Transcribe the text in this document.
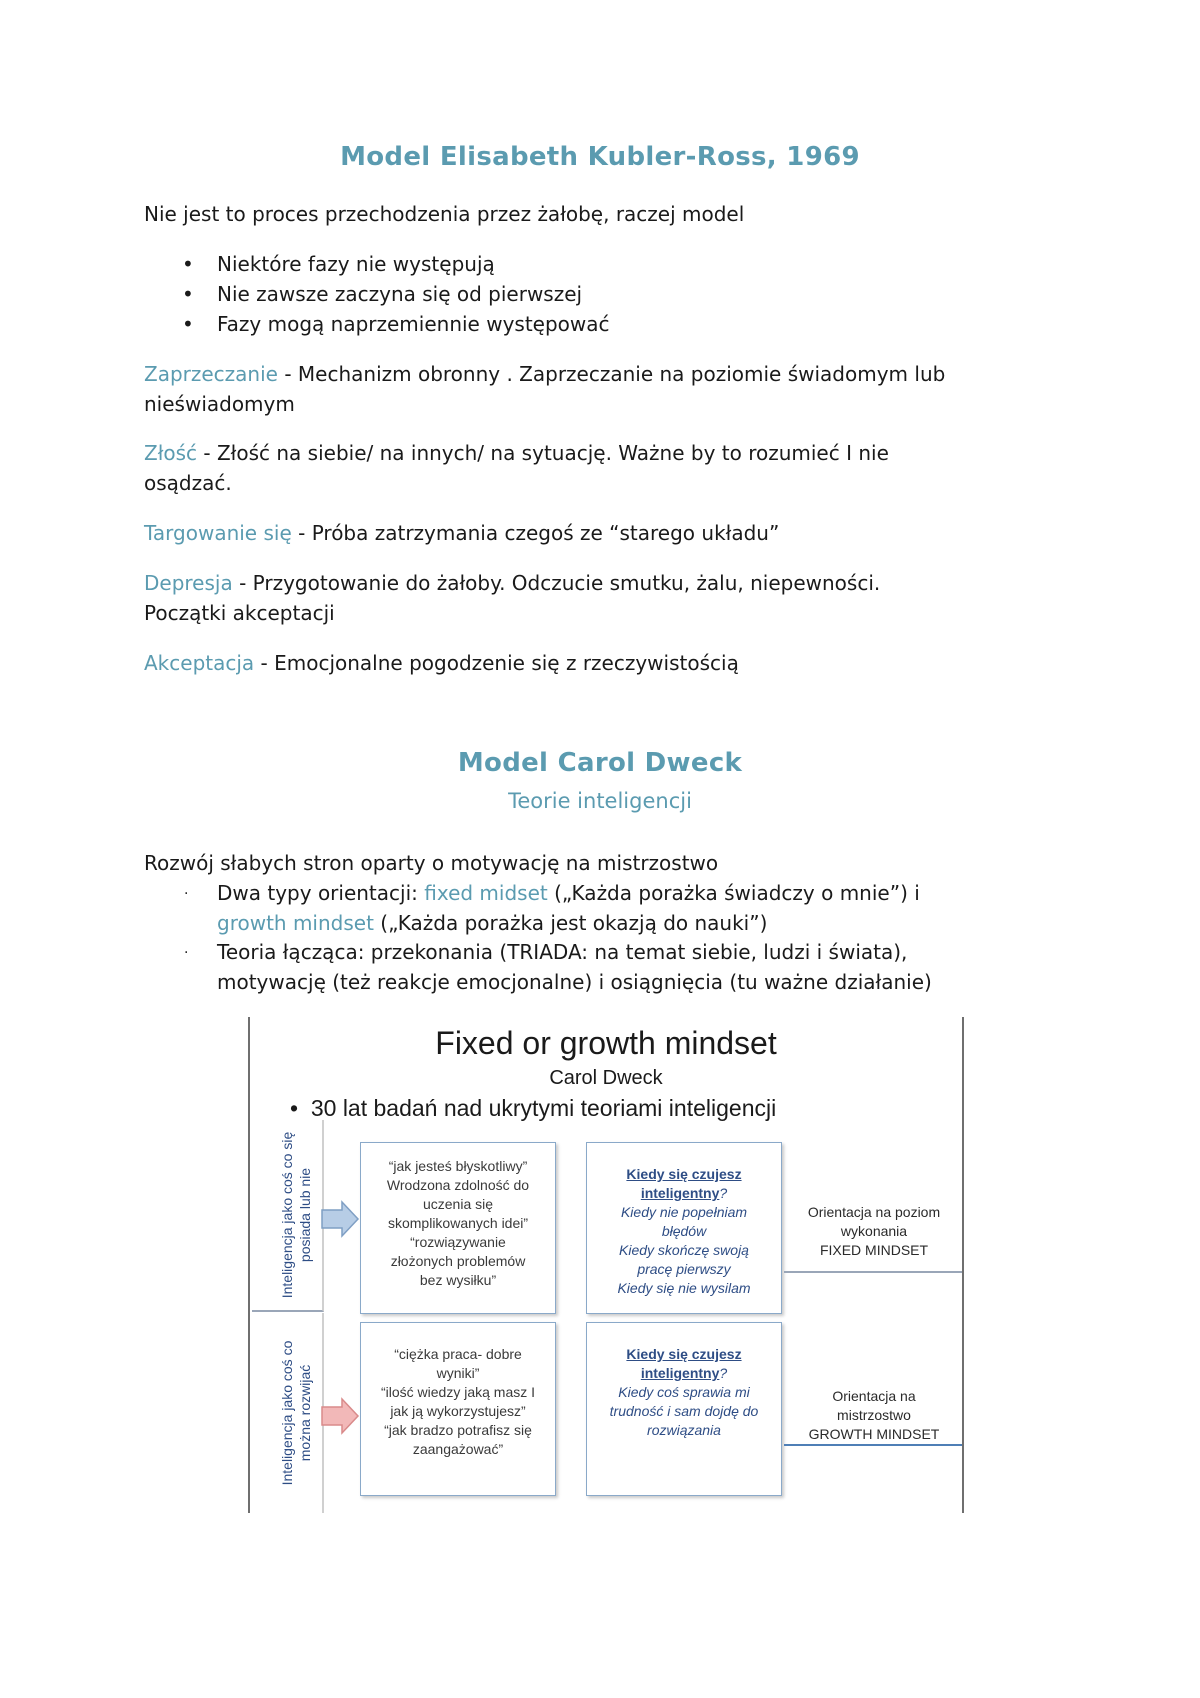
Model Elisabeth Kubler-Ross, 1969
Nie jest to proces przechodzenia przez żałobę, raczej model
• Niektóre fazy nie występują
• Nie zawsze zaczyna się od pierwszej
• Fazy mogą naprzemiennie występować
Zaprzeczanie - Mechanizm obronny . Zaprzeczanie na poziomie świadomym lub
nieświadomym
Złość - Złość na siebie/ na innych/ na sytuację. Ważne by to rozumieć I nie
osądzać.
Targowanie się - Próba zatrzymania czegoś ze “starego układu”
Depresja - Przygotowanie do żałoby. Odczucie smutku, żalu, niepewności.
Początki akceptacji
Akceptacja - Emocjonalne pogodzenie się z rzeczywistością
Model Carol Dweck
Teorie inteligencji
Rozwój słabych stron oparty o motywację na mistrzostwo
· Dwa typy orientacji: fixed midset („Każda porażka świadczy o mnie”) i
growth mindset („Każda porażka jest okazją do nauki”)
· Teoria łącząca: przekonania (TRIADA: na temat siebie, ludzi i świata),
motywację (też reakcje emocjonalne) i osiągnięcia (tu ważne działanie)
Fixed or growth mindset
Carol Dweck
•  30 lat badań nad ukrytymi teoriami inteligencji
Inteligencja jako coś co się posiada lub nie
Inteligencja jako coś co można rozwijać
“jak jesteś błyskotliwy”
Wrodzona zdolność do
uczenia się
skomplikowanych idei”
“rozwiązywanie
złożonych problemów
bez wysiłku”
Kiedy się czujesz
inteligentny?
Kiedy nie popełniam
błędów
Kiedy skończę swoją
pracę pierwszy
Kiedy się nie wysilam
Orientacja na poziom
wykonania
FIXED MINDSET
“ciężka praca- dobre
wyniki”
“ilość wiedzy jaką masz I
jak ją wykorzystujesz”
“jak bradzo potrafisz się
zaangażować”
Kiedy się czujesz
inteligentny?
Kiedy coś sprawia mi
trudność i sam dojdę do
rozwiązania
Orientacja na
mistrzostwo
GROWTH MINDSET
